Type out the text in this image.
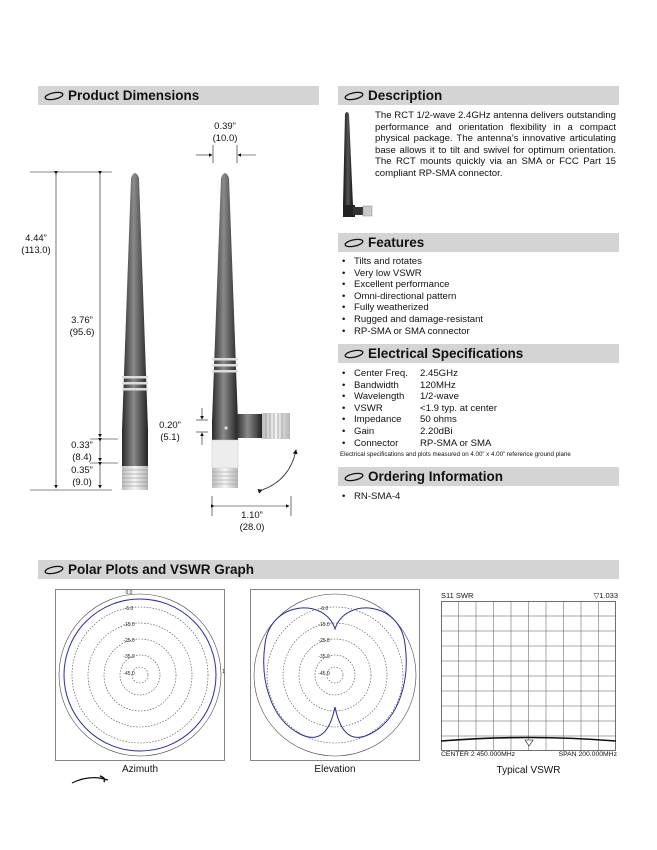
Product Dimensions	Description
Features
Electrical Specifications
Ordering Information
Polar Plots and VSWR Graph
4.44”
(113.0)
3.76”
(95.6)
0.33”
(8.4)
0.35”
(9.0)
0.39”
(10.0)
0.20”
(5.1)
1.10”
(28.0)
The RCT 1/2-wave 2.4GHz antenna delivers outstanding performance and orientation flexibility in a compact physical package. The antenna’s innovative articulating base allows it to tilt and swivel for optimum orientation. The RCT mounts quickly via an SMA or FCC Part 15 compliant RP-SMA connector.
• Tilts and rotates
• Very low VSWR
• Excellent performance
• Omni-directional pattern
• Fully weatherized
• Rugged and damage-resistant
• RP-SMA or SMA connector
•	Center Freq.	2.45GHz
•	Bandwidth	120MHz
•	Wavelength	1/2-wave
•	VSWR	<1.9 typ. at center
•	Impedance	50 ohms
•	Gain	2.20dBi
•	Connector	RP-SMA or SMA
Electrical specifications and plots measured on 4.00” x 4.00” reference ground plane
• RN-SMA-4
0.0
-5.0
-15.0
-25.0
-35.0
-45.0	1
Azimuth
-5.0
-15.0
-25.0
-35.0
-45.0
Elevation
S11 SWR	▽1.033
CENTER 2 450.000MHz	SPAN 200.000MHz
Typical VSWR
